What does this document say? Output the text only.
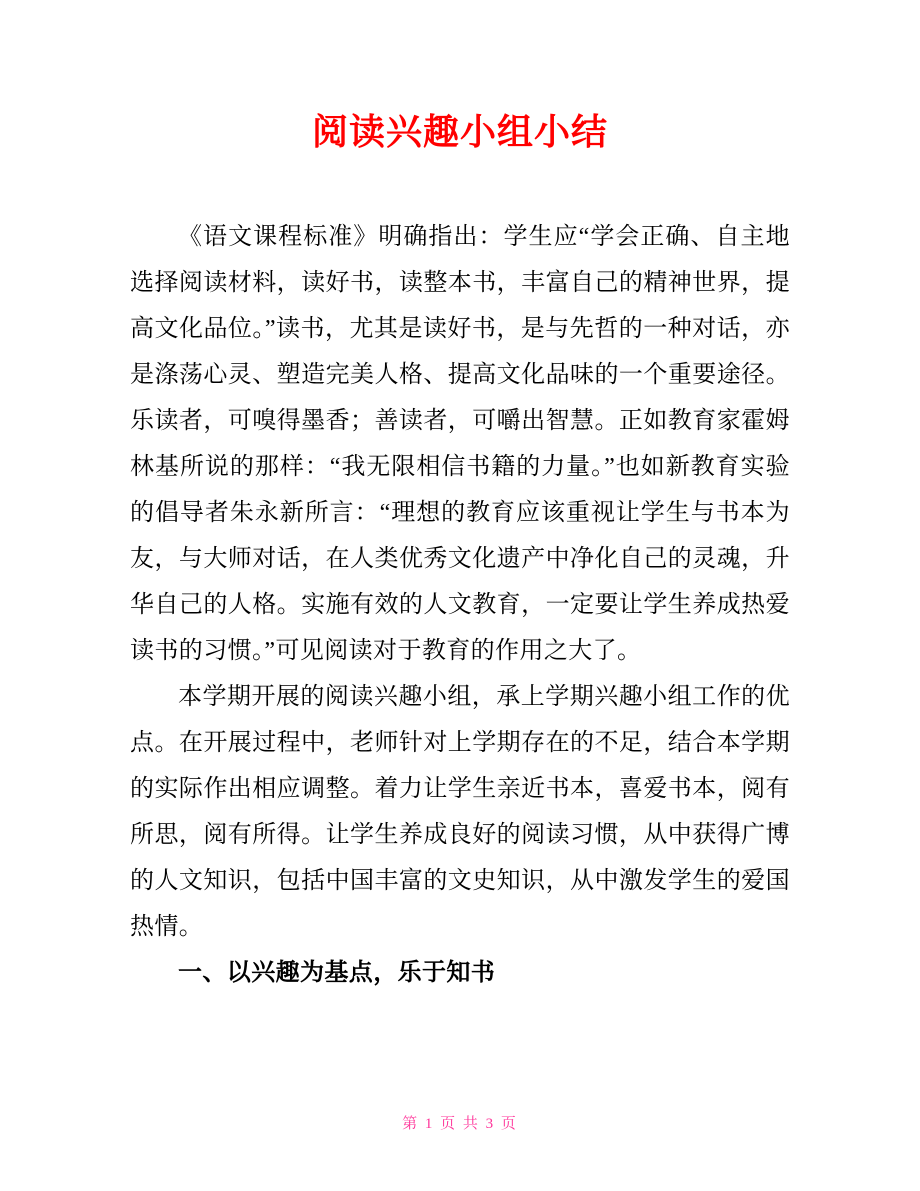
阅读兴趣小组小结

《语文课程标准》明确指出：学生应“学会正确、自主地选择阅读材料，读好书，读整本书，丰富自己的精神世界，提高文化品位。”读书，尤其是读好书，是与先哲的一种对话，亦是涤荡心灵、塑造完美人格、提高文化品味的一个重要途径。乐读者，可嗅得墨香；善读者，可嚼出智慧。正如教育家霍姆林基所说的那样：“我无限相信书籍的力量。”也如新教育实验的倡导者朱永新所言：“理想的教育应该重视让学生与书本为友，与大师对话，在人类优秀文化遗产中净化自己的灵魂，升华自己的人格。实施有效的人文教育，一定要让学生养成热爱读书的习惯。”可见阅读对于教育的作用之大了。

本学期开展的阅读兴趣小组，承上学期兴趣小组工作的优点。在开展过程中，老师针对上学期存在的不足，结合本学期的实际作出相应调整。着力让学生亲近书本，喜爱书本，阅有所思，阅有所得。让学生养成良好的阅读习惯，从中获得广博的人文知识，包括中国丰富的文史知识，从中激发学生的爱国热情。

一、以兴趣为基点，乐于知书
第 1 页 共 3 页
